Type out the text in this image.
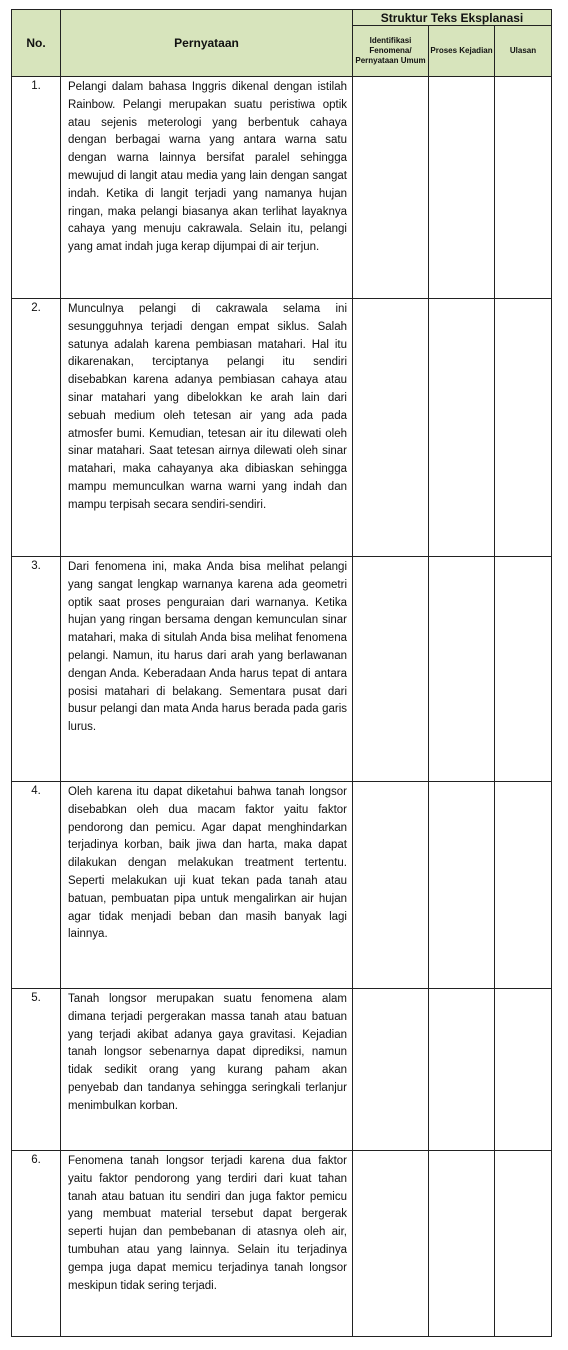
No.	Pernyataan	Struktur Teks Eksplanasi		
		Identifikasi Fenomena/ Pernyataan Umum	Proses Kejadian	Ulasan
1.	Pelangi dalam bahasa Inggris dikenal dengan istilah Rainbow. Pelangi merupakan suatu peristiwa optik atau sejenis meterologi yang berbentuk cahaya dengan berbagai warna yang antara warna satu dengan warna lainnya bersifat paralel sehingga mewujud di langit atau media yang lain dengan sangat indah. Ketika di langit terjadi yang namanya hujan ringan, maka pelangi biasanya akan terlihat layaknya cahaya yang menuju cakrawala. Selain itu, pelangi yang amat indah juga kerap dijumpai di air terjun.			
2.	Munculnya pelangi di cakrawala selama ini sesungguhnya terjadi dengan empat siklus. Salah satunya adalah karena pembiasan matahari. Hal itu dikarenakan, terciptanya pelangi itu sendiri disebabkan karena adanya pembiasan cahaya atau sinar matahari yang dibelokkan ke arah lain dari sebuah medium oleh tetesan air yang ada pada atmosfer bumi. Kemudian, tetesan air itu dilewati oleh sinar matahari. Saat tetesan airnya dilewati oleh sinar matahari, maka cahayanya aka dibiaskan sehingga mampu memunculkan warna warni yang indah dan mampu terpisah secara sendiri-sendiri.			
3.	Dari fenomena ini, maka Anda bisa melihat pelangi yang sangat lengkap warnanya karena ada geometri optik saat proses penguraian dari warnanya. Ketika hujan yang ringan bersama dengan kemunculan sinar matahari, maka di situlah Anda bisa melihat fenomena pelangi. Namun, itu harus dari arah yang berlawanan dengan Anda. Keberadaan Anda harus tepat di antara posisi matahari di belakang. Sementara pusat dari busur pelangi dan mata Anda harus berada pada garis lurus.			
4.	Oleh karena itu dapat diketahui bahwa tanah longsor disebabkan oleh dua macam faktor yaitu faktor pendorong dan pemicu. Agar dapat menghindarkan terjadinya korban, baik jiwa dan harta, maka dapat dilakukan dengan melakukan treatment tertentu. Seperti melakukan uji kuat tekan pada tanah atau batuan, pembuatan pipa untuk mengalirkan air hujan agar tidak menjadi beban dan masih banyak lagi lainnya.			
5.	Tanah longsor merupakan suatu fenomena alam dimana terjadi pergerakan massa tanah atau batuan yang terjadi akibat adanya gaya gravitasi. Kejadian tanah longsor sebenarnya dapat diprediksi, namun tidak sedikit orang yang kurang paham akan penyebab dan tandanya sehingga seringkali terlanjur menimbulkan korban.			
6.	Fenomena tanah longsor terjadi karena dua faktor yaitu faktor pendorong yang terdiri dari kuat tahan tanah atau batuan itu sendiri dan juga faktor pemicu yang membuat material tersebut dapat bergerak seperti hujan dan pembebanan di atasnya oleh air, tumbuhan atau yang lainnya. Selain itu terjadinya gempa juga dapat memicu terjadinya tanah longsor meskipun tidak sering terjadi.			
